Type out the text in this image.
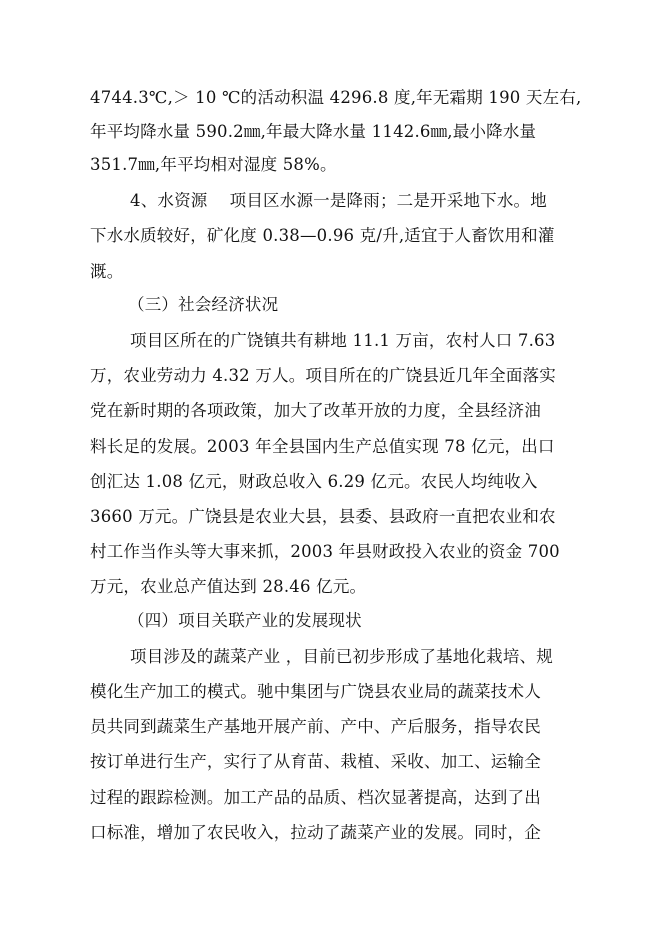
4744.3℃,＞ 10 ℃的活动积温 4296.8 度,年无霜期 190 天左右,
年平均降水量 590.2㎜,年最大降水量 1142.6㎜,最小降水量
351.7㎜,年平均相对湿度 58%。
4、水资源　 项目区水源一是降雨；二是开采地下水。地
下水水质较好，矿化度 0.38—0.96 克/升,适宜于人畜饮用和灌
溉。
（三）社会经济状况
项目区所在的广饶镇共有耕地 11.1 万亩，农村人口 7.63
万，农业劳动力 4.32 万人。项目所在的广饶县近几年全面落实
党在新时期的各项政策，加大了改革开放的力度，全县经济油
料长足的发展。2003 年全县国内生产总值实现 78 亿元，出口
创汇达 1.08 亿元，财政总收入 6.29 亿元。农民人均纯收入
3660 万元。广饶县是农业大县，县委、县政府一直把农业和农
村工作当作头等大事来抓，2003 年县财政投入农业的资金 700
万元，农业总产值达到 28.46 亿元。
（四）项目关联产业的发展现状
项目涉及的蔬菜产业 ，目前已初步形成了基地化栽培、规
模化生产加工的模式。驰中集团与广饶县农业局的蔬菜技术人
员共同到蔬菜生产基地开展产前、产中、产后服务，指导农民
按订单进行生产，实行了从育苗、栽植、采收、加工、运输全
过程的跟踪检测。加工产品的品质、档次显著提高，达到了出
口标准，增加了农民收入，拉动了蔬菜产业的发展。同时，企
